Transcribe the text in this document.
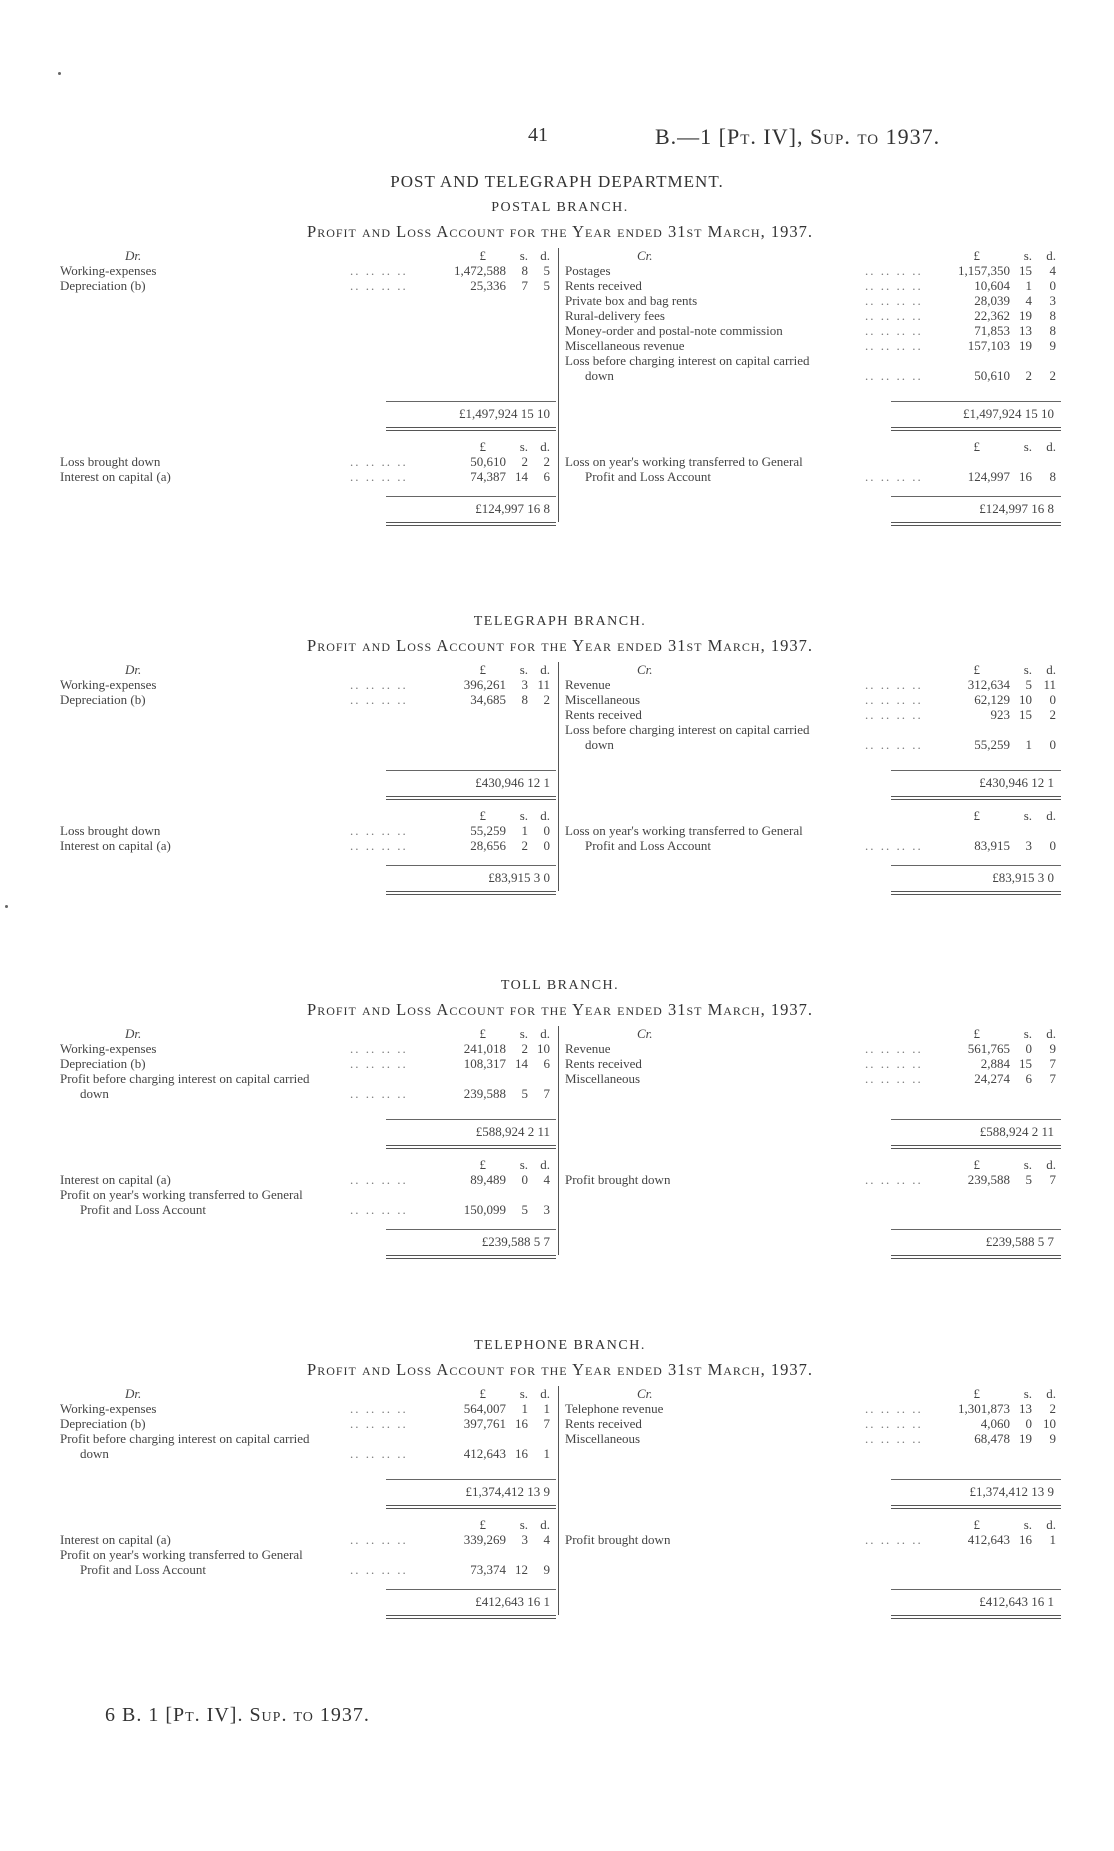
41	B.—1 [Pt. IV], Sup. to 1937.
POST AND TELEGRAPH DEPARTMENT.
POSTAL BRANCH.
Profit and Loss Account for the Year ended 31st March, 1937.
Dr.	£	s. d.
Working-expenses	.. .. .. ..	1,472,588	8	5
Depreciation (b)	.. .. .. ..	25,336	7	5
£1,497,924 15 10
£	s. d.
Loss brought down	.. .. .. ..	50,610	2	2
Interest on capital (a)	.. .. .. ..	74,387 14	6
£124,997 16 8
Cr.	£	s.	d.
Postages	.. .. .. ..	1,157,350 15	4
Rents received	.. .. .. ..	10,604	1	0
Private box and bag rents	.. .. .. ..	28,039	4	3
Rural-delivery fees	.. .. .. ..	22,362 19	8
Money-order and postal-note commission	.. .. .. ..	71,853 13	8
Miscellaneous revenue	.. .. .. ..	157,103 19	9
Loss before charging interest on capital carried
down	.. .. .. ..	50,610	2	2
£1,497,924 15 10
£	s.	d.
Loss on year's working transferred to General
Profit and Loss Account	.. .. .. ..	124,997 16	8
£124,997 16 8
TELEGRAPH BRANCH.
Profit and Loss Account for the Year ended 31st March, 1937.
Dr.	£	s. d.
Working-expenses	.. .. .. ..	396,261	3 11
Depreciation (b)	.. .. .. ..	34,685	8	2
£430,946 12 1
£	s. d.
Loss brought down	.. .. .. ..	55,259	1	0
Interest on capital (a)	.. .. .. ..	28,656	2	0
£83,915 3 0
Cr.	£	s.	d.
Revenue	.. .. .. ..	312,634	5 11
Miscellaneous	.. .. .. ..	62,129 10	0
Rents received	.. .. .. ..	923 15	2
Loss before charging interest on capital carried
down	.. .. .. ..	55,259	1	0
£430,946 12 1
£	s.	d.
Loss on year's working transferred to General
Profit and Loss Account	.. .. .. ..	83,915	3	0
£83,915 3 0
TOLL BRANCH.
Profit and Loss Account for the Year ended 31st March, 1937.
Dr.	£	s. d.
Working-expenses	.. .. .. ..	241,018	2 10
Depreciation (b)	.. .. .. ..	108,317 14	6
Profit before charging interest on capital carried
down	.. .. .. ..	239,588	5	7
£588,924 2 11
£	s. d.
Interest on capital (a)	.. .. .. ..	89,489	0	4
Profit on year's working transferred to General
Profit and Loss Account	.. .. .. ..	150,099	5	3
£239,588 5 7
Cr.	£	s.	d.
Revenue	.. .. .. ..	561,765	0	9
Rents received	.. .. .. ..	2,884 15	7
Miscellaneous	.. .. .. ..	24,274	6	7
£588,924 2 11
£	s.	d.
Profit brought down	.. .. .. ..	239,588	5	7
£239,588 5 7
TELEPHONE BRANCH.
Profit and Loss Account for the Year ended 31st March, 1937.
Dr.	£	s. d.
Working-expenses	.. .. .. ..	564,007	1	1
Depreciation (b)	.. .. .. ..	397,761 16	7
Profit before charging interest on capital carried
down	.. .. .. ..	412,643 16	1
£1,374,412 13 9
£	s. d.
Interest on capital (a)	.. .. .. ..	339,269	3	4
Profit on year's working transferred to General
Profit and Loss Account	.. .. .. ..	73,374 12	9
£412,643 16 1
Cr.	£	s.	d.
Telephone revenue	.. .. .. ..	1,301,873 13	2
Rents received	.. .. .. ..	4,060	0 10
Miscellaneous	.. .. .. ..	68,478 19	9
£1,374,412 13 9
£	s.	d.
Profit brought down	.. .. .. ..	412,643 16	1
£412,643 16 1
6 B. 1 [Pt. IV]. Sup. to 1937.
